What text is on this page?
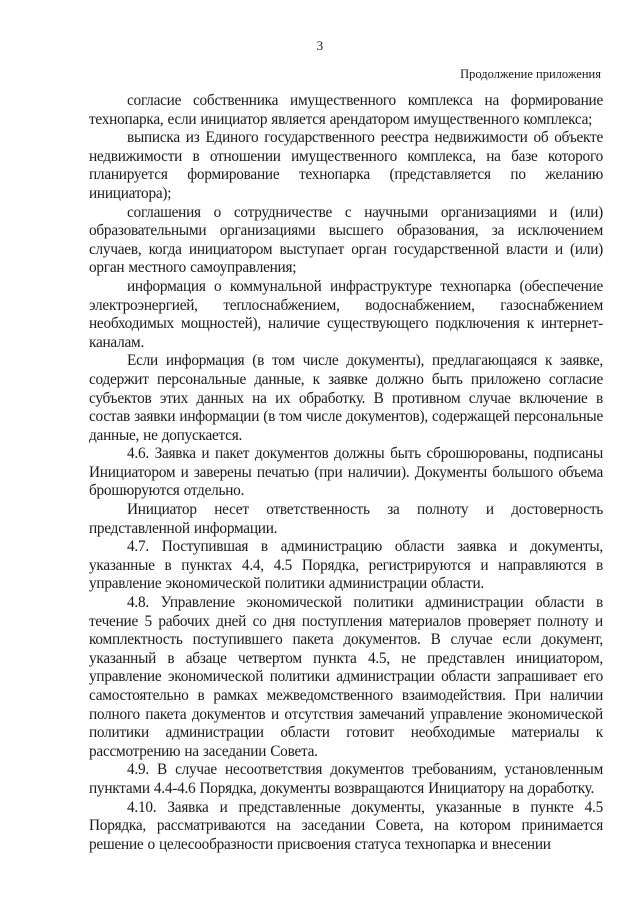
3
Продолжение приложения

согласие собственника имущественного комплекса на формирование технопарка, если инициатор является арендатором имущественного комплекса;

выписка из Единого государственного реестра недвижимости об объекте недвижимости в отношении имущественного комплекса, на базе которого планируется формирование технопарка (представляется по желанию инициатора);

соглашения о сотрудничестве с научными организациями и (или) образовательными организациями высшего образования, за исключением случаев, когда инициатором выступает орган государственной власти и (или) орган местного самоуправления;

информация о коммунальной инфраструктуре технопарка (обеспечение электроэнергией, теплоснабжением, водоснабжением, газоснабжением необходимых мощностей), наличие существующего подключения к интернет-каналам.

Если информация (в том числе документы), предлагающаяся к заявке, содержит персональные данные, к заявке должно быть приложено согласие субъектов этих данных на их обработку. В противном случае включение в состав заявки информации (в том числе документов), содержащей персональные данные, не допускается.

4.6. Заявка и пакет документов должны быть сброшюрованы, подписаны Инициатором и заверены печатью (при наличии). Документы большого объема брошюруются отдельно.

Инициатор несет ответственность за полноту и достоверность представленной информации.

4.7. Поступившая в администрацию области заявка и документы, указанные в пунктах 4.4, 4.5 Порядка, регистрируются и направляются в управление экономической политики администрации области.

4.8. Управление экономической политики администрации области в течение 5 рабочих дней со дня поступления материалов проверяет полноту и комплектность поступившего пакета документов. В случае если документ, указанный в абзаце четвертом пункта 4.5, не представлен инициатором, управление экономической политики администрации области запрашивает его самостоятельно в рамках межведомственного взаимодействия. При наличии полного пакета документов и отсутствия замечаний управление экономической политики администрации области готовит необходимые материалы к рассмотрению на заседании Совета.

4.9. В случае несоответствия документов требованиям, установленным пунктами 4.4-4.6 Порядка, документы возвращаются Инициатору на доработку.

4.10. Заявка и представленные документы, указанные в пункте 4.5 Порядка, рассматриваются на заседании Совета, на котором принимается решение о целесообразности присвоения статуса технопарка и внесении
